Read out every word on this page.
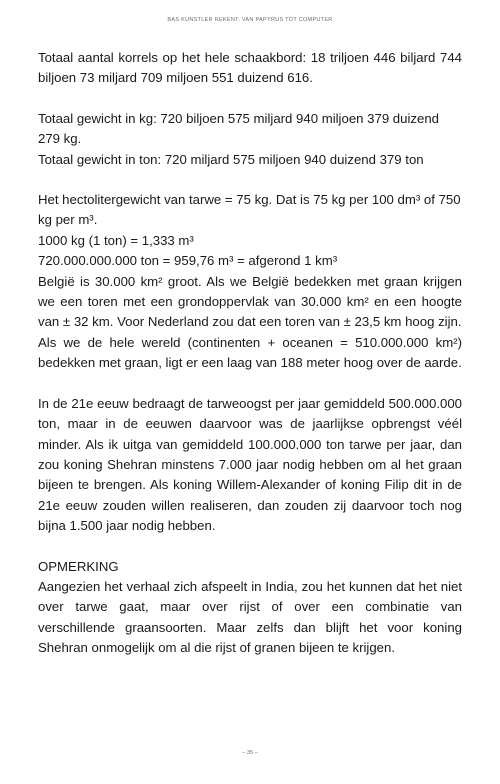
BAS KUNSTLER REKENT. VAN PAPYRUS TOT COMPUTER

Totaal aantal korrels op het hele schaakbord: 18 triljoen 446 biljard 744 biljoen 73 miljard 709 miljoen 551 duizend 616.

Totaal gewicht in kg: 720 biljoen 575 miljard 940 miljoen 379 duizend 279 kg.

Totaal gewicht in ton: 720 miljard 575 miljoen 940 duizend 379 ton

Het hectolitergewicht van tarwe = 75 kg. Dat is 75 kg per 100 dm³ of 750 kg per m³.

1000 kg (1 ton) = 1,333 m³

720.000.000.000 ton = 959,76 m³ = afgerond 1 km³

België is 30.000 km² groot. Als we België bedekken met graan krijgen we een toren met een grondoppervlak van 30.000 km² en een hoogte van ± 32 km. Voor Nederland zou dat een toren van ± 23,5 km hoog zijn.

Als we de hele wereld (continenten + oceanen = 510.000.000 km²) bedekken met graan, ligt er een laag van 188 meter hoog over de aarde.

In de 21e eeuw bedraagt de tarweoogst per jaar gemiddeld 500.000.000 ton, maar in de eeuwen daarvoor was de jaarlijkse opbrengst véél minder. Als ik uitga van gemiddeld 100.000.000 ton tarwe per jaar, dan zou koning Shehran minstens 7.000 jaar nodig hebben om al het graan bijeen te brengen. Als koning Willem-Alexander of koning Filip dit in de 21e eeuw zouden willen realiseren, dan zouden zij daarvoor toch nog bijna 1.500 jaar nodig hebben.

OPMERKING

Aangezien het verhaal zich afspeelt in India, zou het kunnen dat het niet over tarwe gaat, maar over rijst of over een combinatie van verschillende graansoorten. Maar zelfs dan blijft het voor koning Shehran onmogelijk om al die rijst of granen bijeen te krijgen.

– 35 –
